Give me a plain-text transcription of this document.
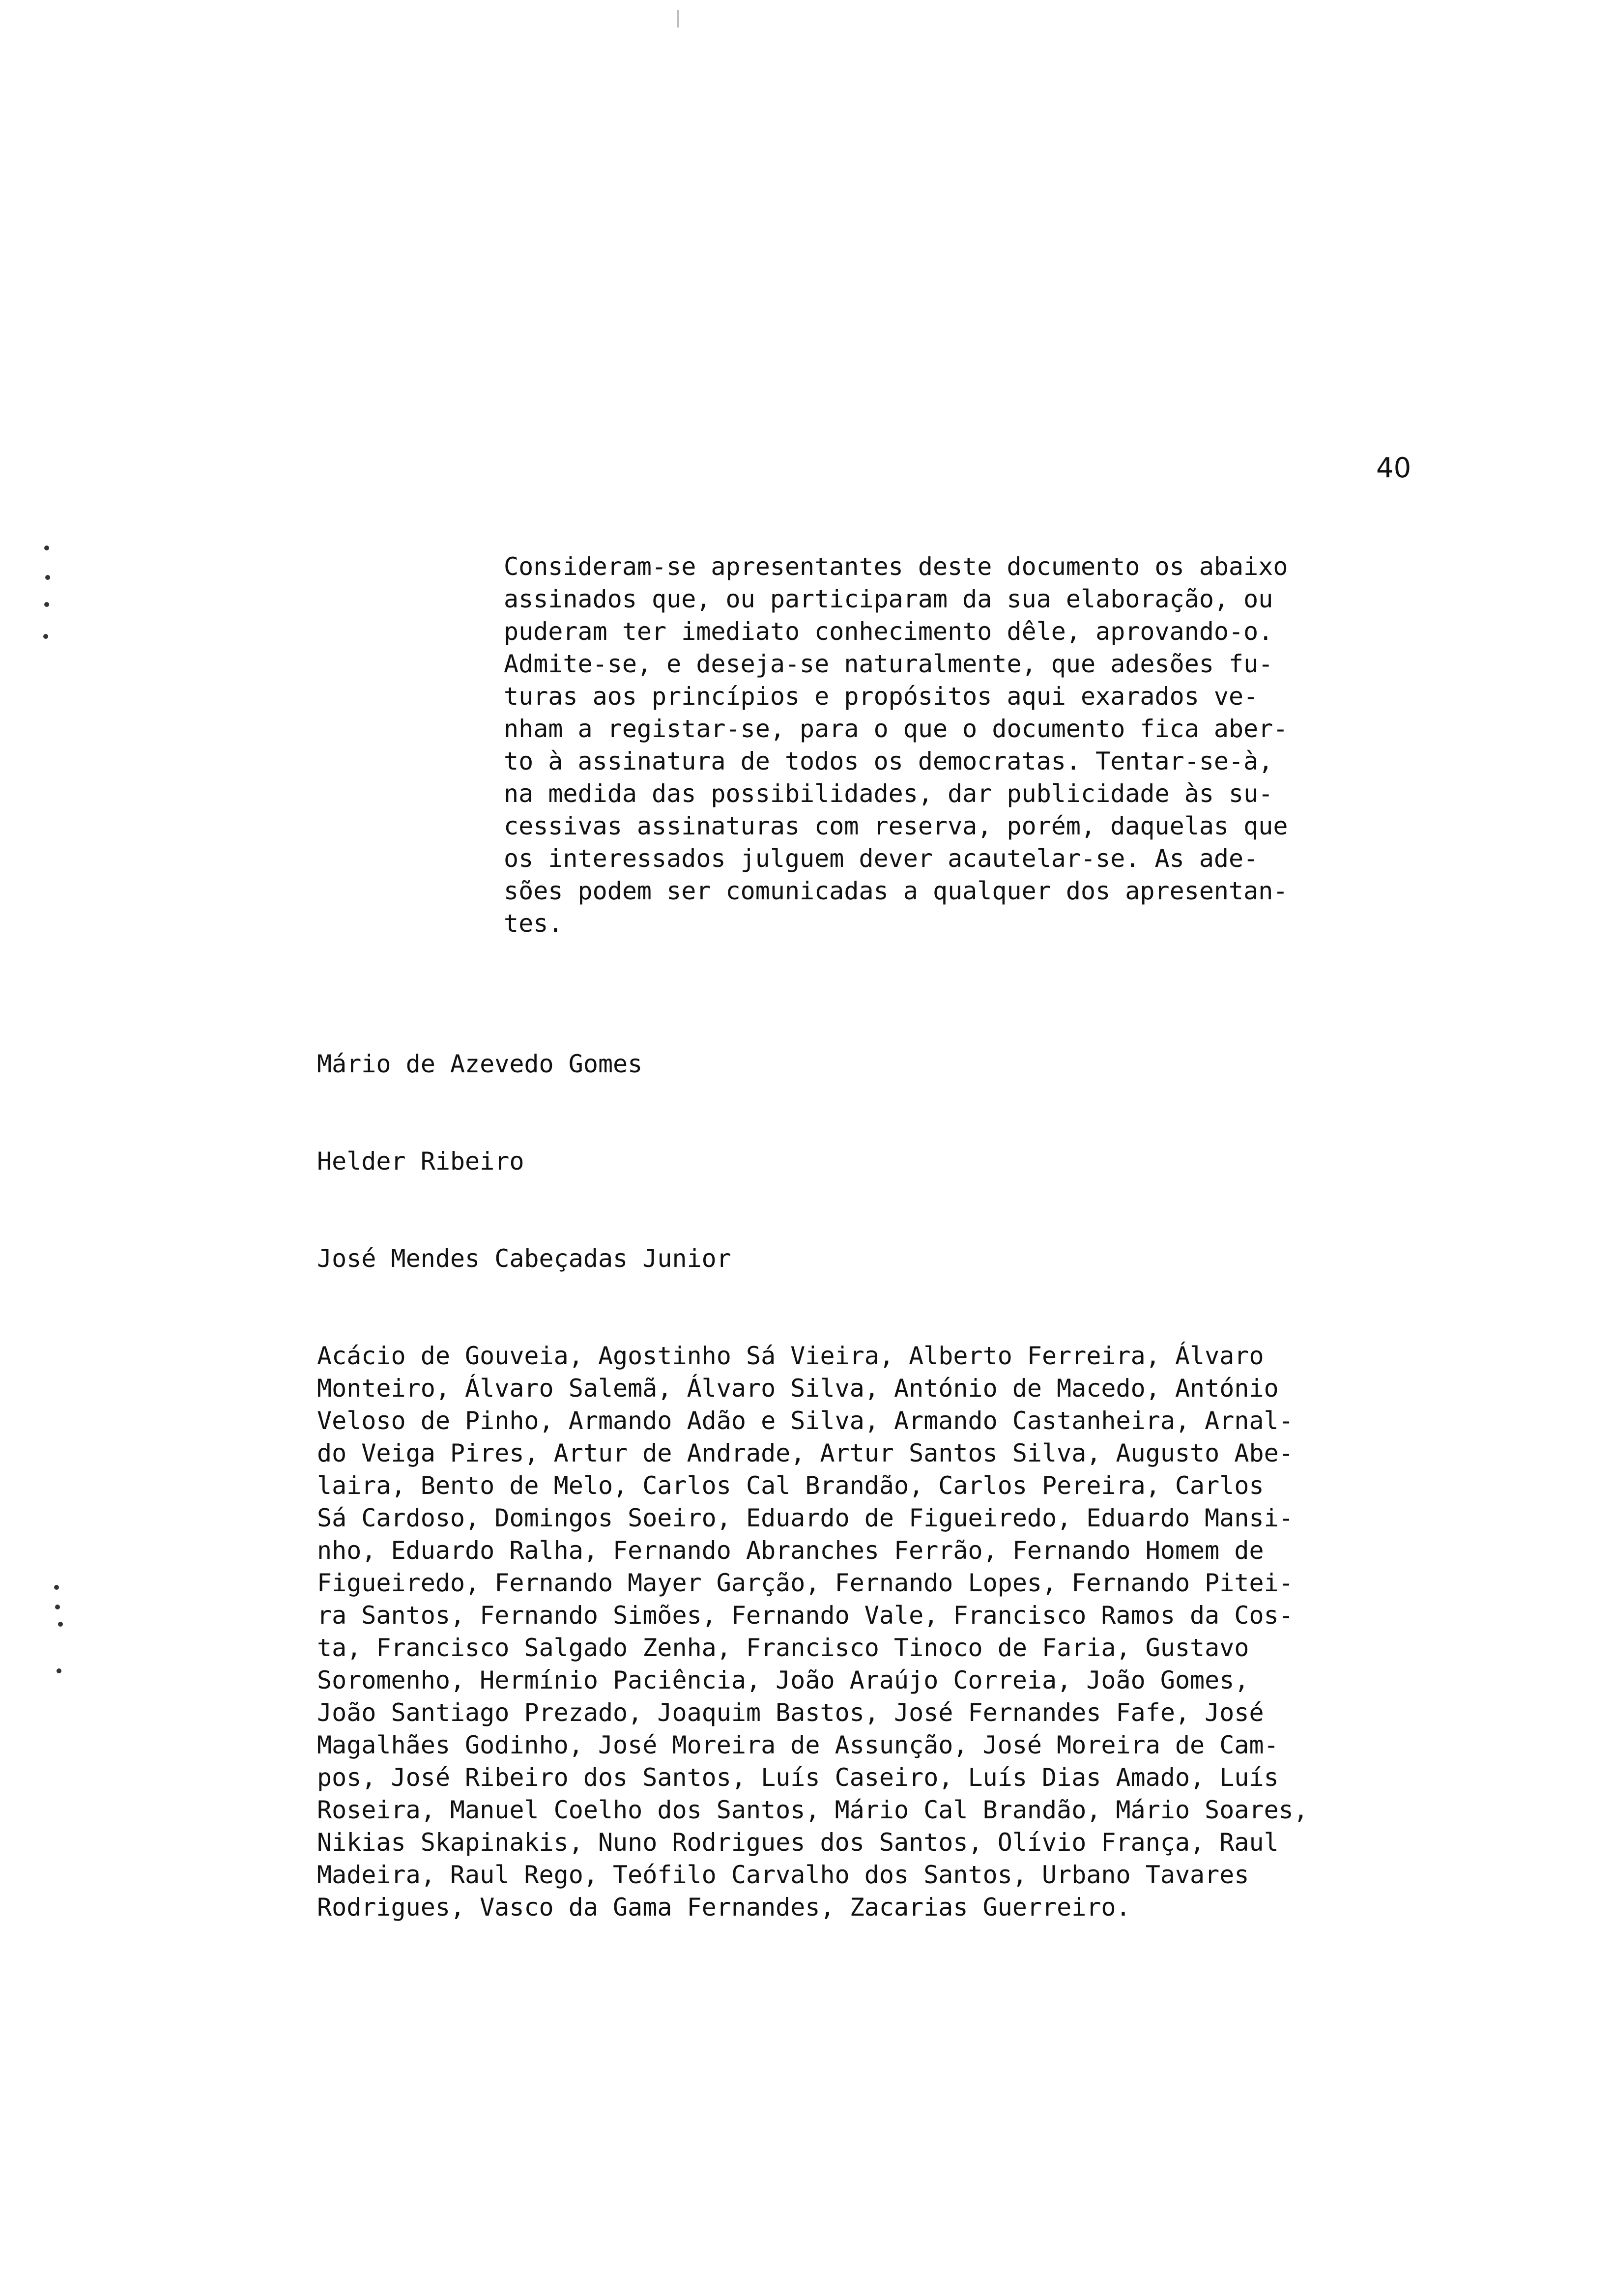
40

Consideram-se apresentantes deste documento os abaixo
assinados que, ou participaram da sua elaboração, ou
puderam ter imediato conhecimento dêle, aprovando-o.
Admite-se, e deseja-se naturalmente, que adesões fu-
turas aos princípios e propósitos aqui exarados ve-
nham a registar-se, para o que o documento fica aber-
to à assinatura de todos os democratas. Tentar-se-à,
na medida das possibilidades, dar publicidade às su-
cessivas assinaturas com reserva, porém, daquelas que
os interessados julguem dever acautelar-se. As ade-
sões podem ser comunicadas a qualquer dos apresentan-
tes.

Mário de Azevedo Gomes

Helder Ribeiro

José Mendes Cabeçadas Junior

Acácio de Gouveia, Agostinho Sá Vieira, Alberto Ferreira, Álvaro
Monteiro, Álvaro Salemã, Álvaro Silva, António de Macedo, António
Veloso de Pinho, Armando Adão e Silva, Armando Castanheira, Arnal-
do Veiga Pires, Artur de Andrade, Artur Santos Silva, Augusto Abe-
laira, Bento de Melo, Carlos Cal Brandão, Carlos Pereira, Carlos
Sá Cardoso, Domingos Soeiro, Eduardo de Figueiredo, Eduardo Mansi-
nho, Eduardo Ralha, Fernando Abranches Ferrão, Fernando Homem de
Figueiredo, Fernando Mayer Garção, Fernando Lopes, Fernando Pitei-
ra Santos, Fernando Simões, Fernando Vale, Francisco Ramos da Cos-
ta, Francisco Salgado Zenha, Francisco Tinoco de Faria, Gustavo
Soromenho, Hermínio Paciência, João Araújo Correia, João Gomes,
João Santiago Prezado, Joaquim Bastos, José Fernandes Fafe, José
Magalhães Godinho, José Moreira de Assunção, José Moreira de Cam-
pos, José Ribeiro dos Santos, Luís Caseiro, Luís Dias Amado, Luís
Roseira, Manuel Coelho dos Santos, Mário Cal Brandão, Mário Soares,
Nikias Skapinakis, Nuno Rodrigues dos Santos, Olívio França, Raul
Madeira, Raul Rego, Teófilo Carvalho dos Santos, Urbano Tavares
Rodrigues, Vasco da Gama Fernandes, Zacarias Guerreiro.
